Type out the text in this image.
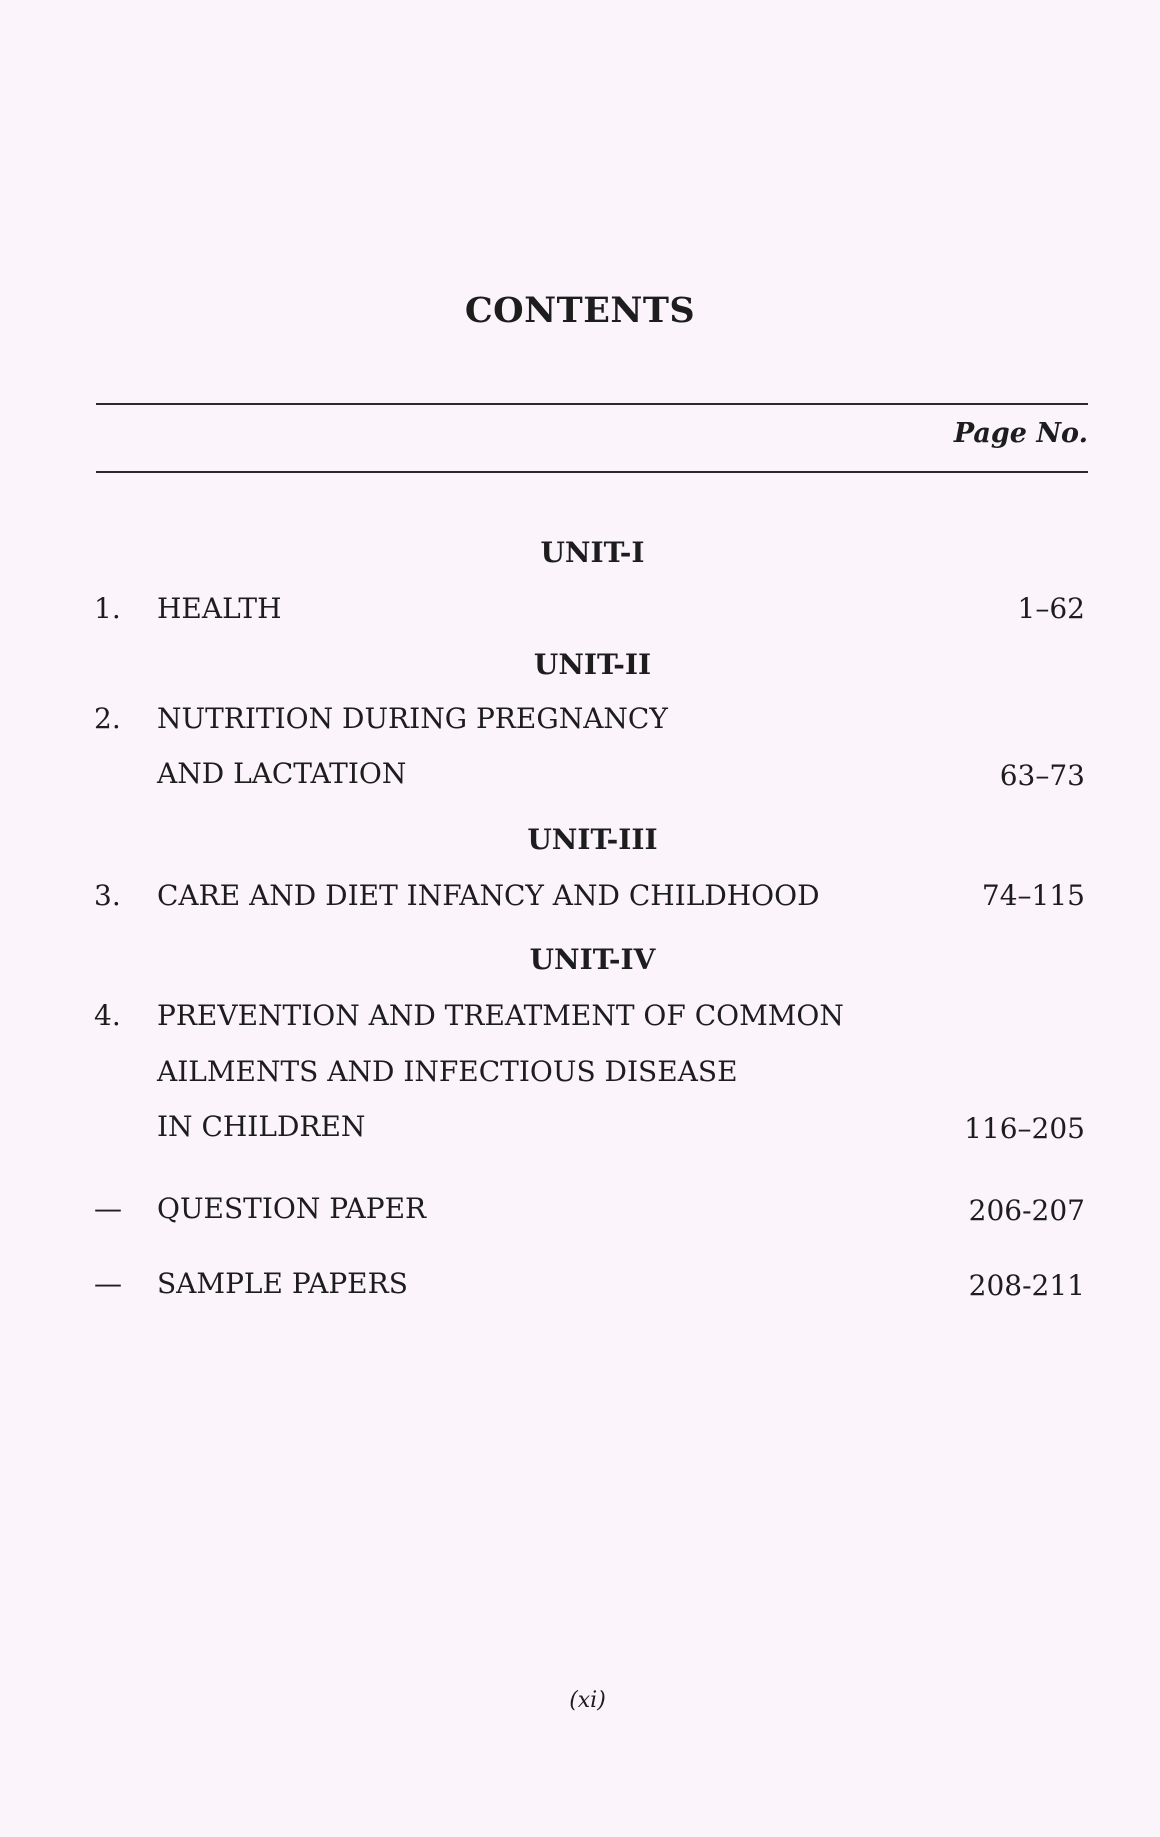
CONTENTS
Page No.
UNIT-I
1. HEALTH	1–62
UNIT-II
2. NUTRITION DURING PREGNANCY
AND LACTATION	63–73
UNIT-III
3. CARE AND DIET INFANCY AND CHILDHOOD	74–115
UNIT-IV
4. PREVENTION AND TREATMENT OF COMMON
AILMENTS AND INFECTIOUS DISEASE
IN CHILDREN	116–205
— QUESTION PAPER	206-207
— SAMPLE PAPERS	208-211
(xi)
